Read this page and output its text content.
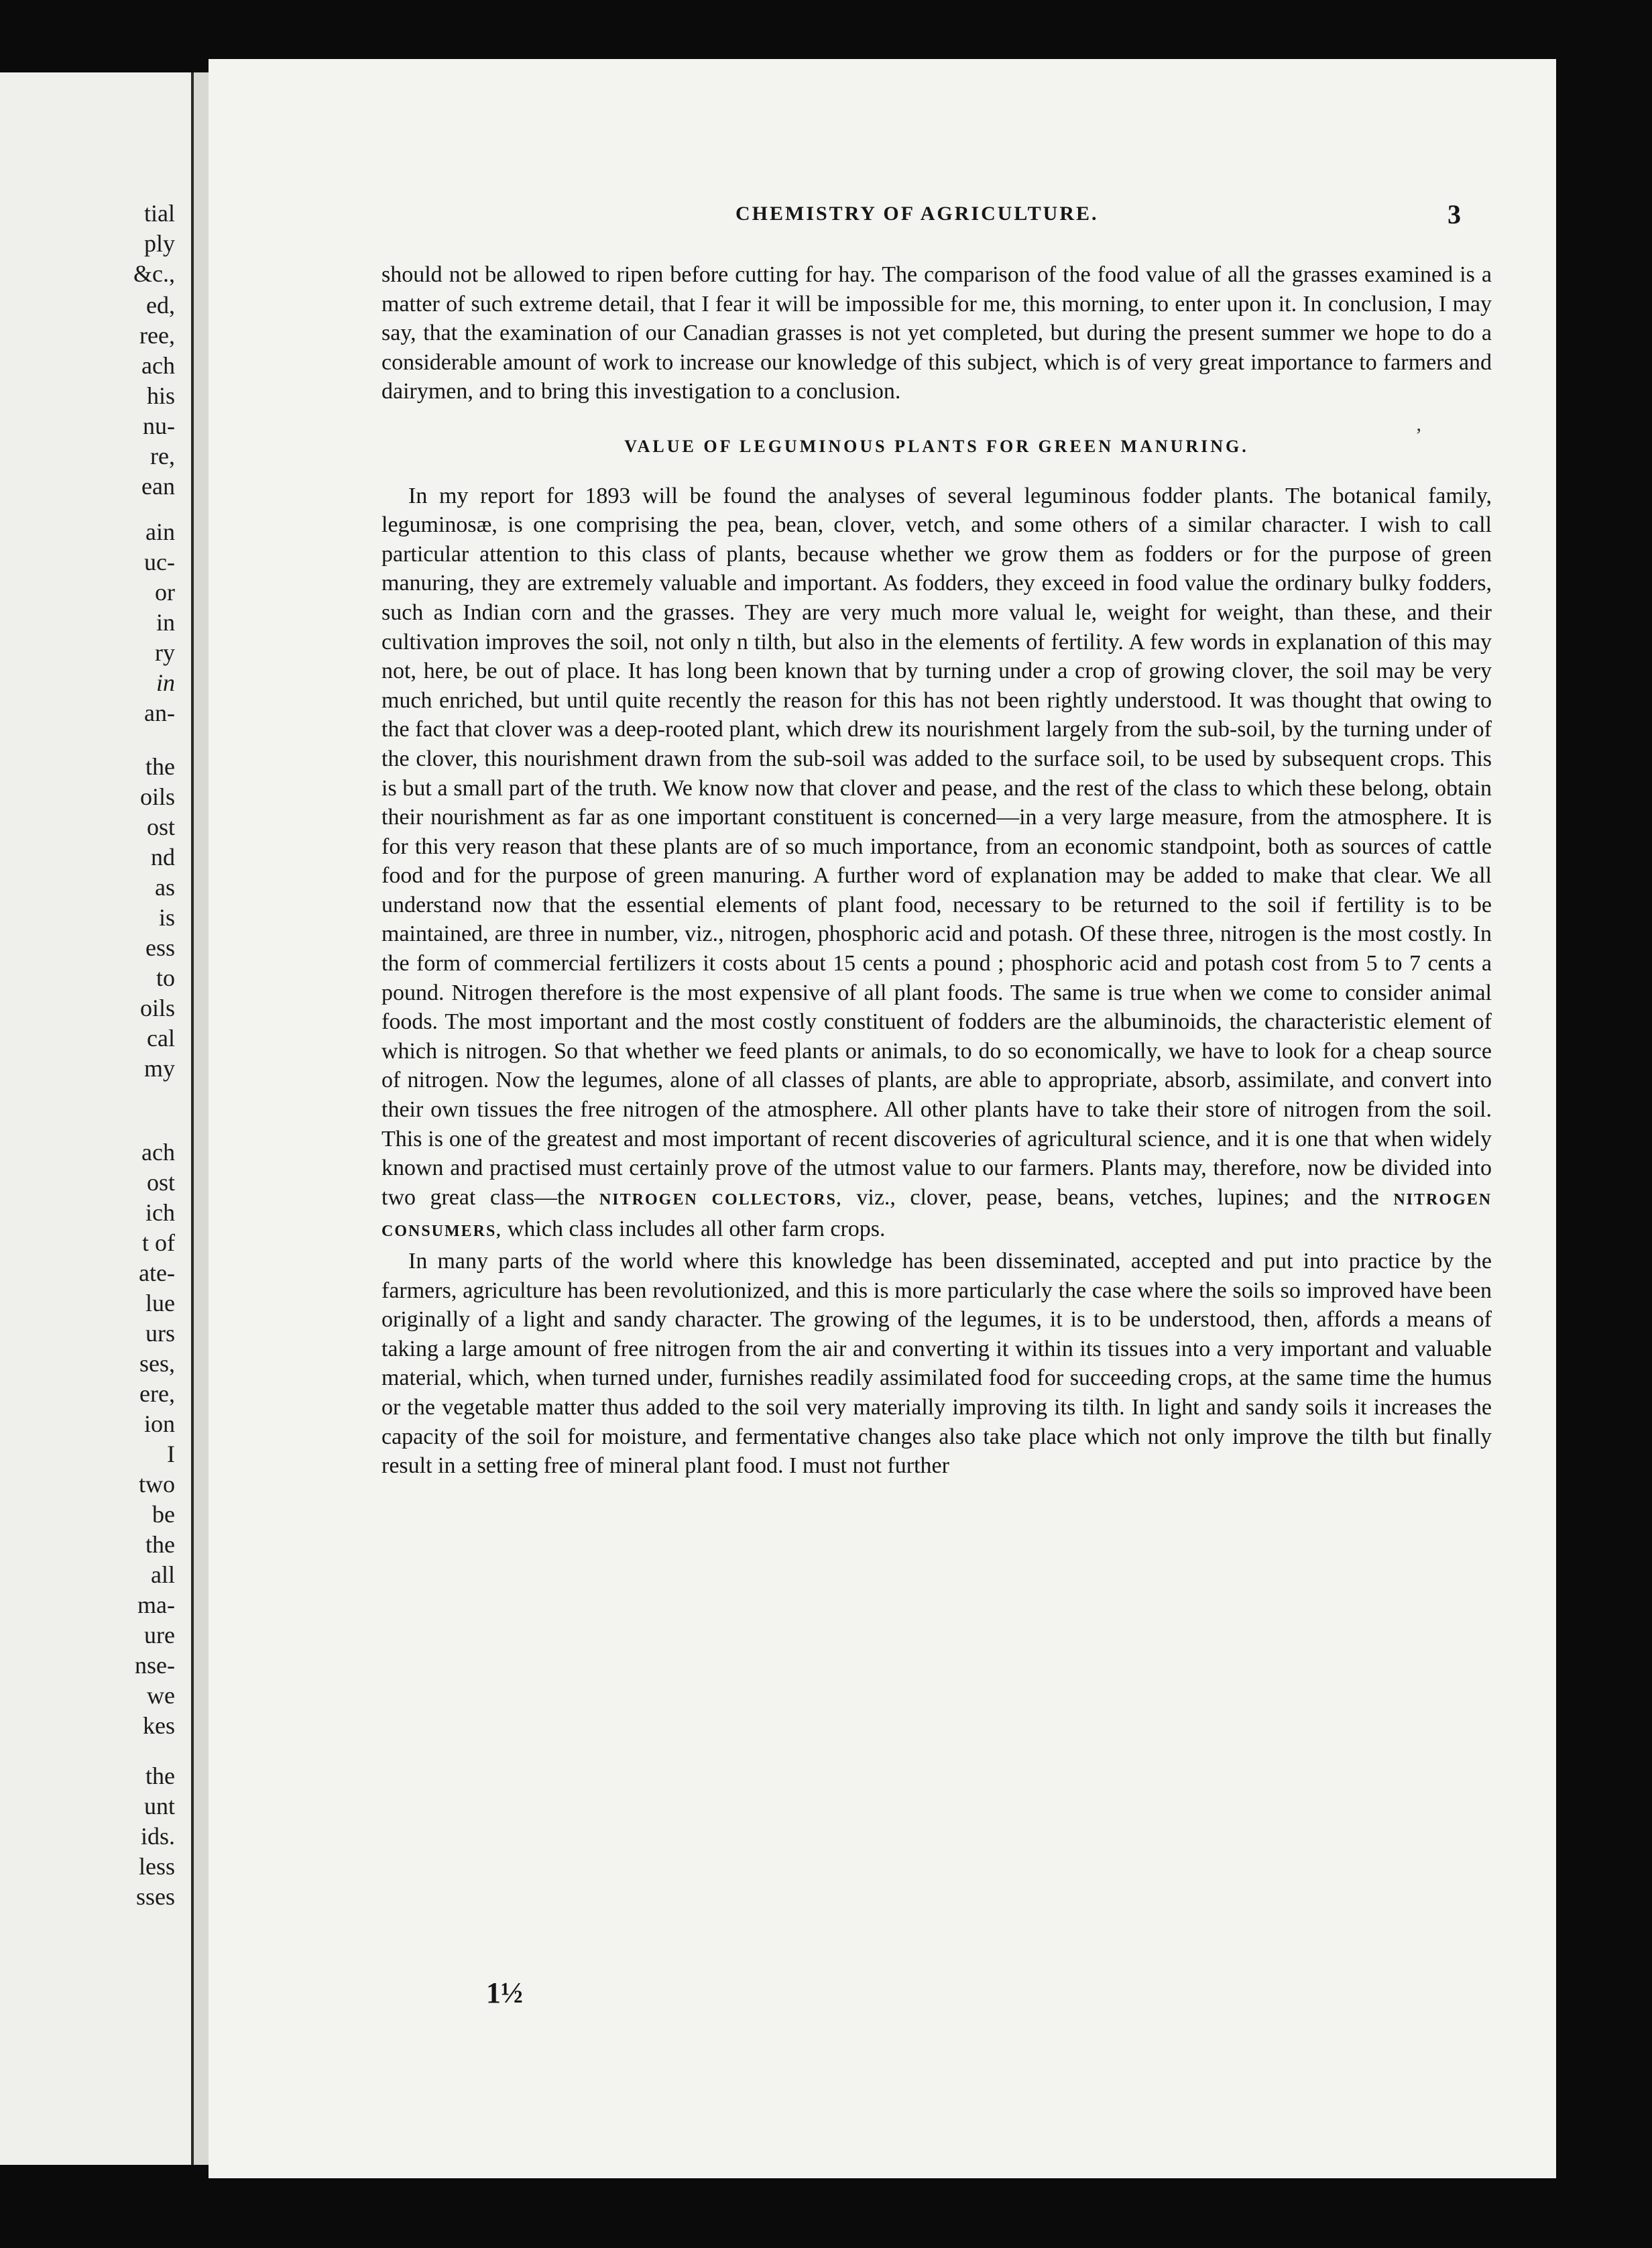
tial
ply
&c.,
ed,
ree,
ach
his
nu-
re,
ean
ain
uc-
or
in
ry
in
an-
the
oils
ost
nd
as
is
ess
to
oils
cal
my
ach
ost
ich
t of
ate-
lue
urs
ses,
ere,
ion
I
two
be
the
all
ma-
ure
nse-
we
kes
the
unt
ids.
less
sses
CHEMISTRY OF AGRICULTURE.	3
ʼ

should not be allowed to ripen before cutting for hay. The comparison of the food value of all the grasses examined is a matter of such extreme detail, that I fear it will be impossible for me, this morning, to enter upon it. In conclusion, I may say, that the examination of our Canadian grasses is not yet completed, but during the present summer we hope to do a considerable amount of work to increase our knowledge of this subject, which is of very great importance to farmers and dairymen, and to bring this investigation to a conclusion.

VALUE OF LEGUMINOUS PLANTS FOR GREEN MANURING.

In my report for 1893 will be found the analyses of several leguminous fodder plants. The botanical family, leguminosæ, is one comprising the pea, bean, clover, vetch, and some others of a similar character. I wish to call particular attention to this class of plants, because whether we grow them as fodders or for the purpose of green manuring, they are extremely valuable and important. As fodders, they exceed in food value the ordinary bulky fodders, such as Indian corn and the grasses. They are very much more valual le, weight for weight, than these, and their cultivation improves the soil, not only n tilth, but also in the elements of fertility. A few words in explanation of this may not, here, be out of place. It has long been known that by turning under a crop of growing clover, the soil may be very much enriched, but until quite recently the reason for this has not been rightly understood. It was thought that owing to the fact that clover was a deep-rooted plant, which drew its nourishment largely from the sub-soil, by the turning under of the clover, this nourishment drawn from the sub-soil was added to the surface soil, to be used by subsequent crops. This is but a small part of the truth. We know now that clover and pease, and the rest of the class to which these belong, obtain their nourishment as far as one important constituent is concerned—in a very large measure, from the atmosphere. It is for this very reason that these plants are of so much importance, from an economic standpoint, both as sources of cattle food and for the purpose of green manuring. A further word of explanation may be added to make that clear. We all understand now that the essential elements of plant food, necessary to be returned to the soil if fertility is to be maintained, are three in number, viz., nitrogen, phosphoric acid and potash. Of these three, nitrogen is the most costly. In the form of commercial fertilizers it costs about 15 cents a pound ; phosphoric acid and potash cost from 5 to 7 cents a pound. Nitrogen therefore is the most expensive of all plant foods. The same is true when we come to consider animal foods. The most important and the most costly constituent of fodders are the albuminoids, the characteristic element of which is nitrogen. So that whether we feed plants or animals, to do so economically, we have to look for a cheap source of nitrogen. Now the legumes, alone of all classes of plants, are able to appropriate, absorb, assimilate, and convert into their own tissues the free nitrogen of the atmosphere. All other plants have to take their store of nitrogen from the soil. This is one of the greatest and most important of recent discoveries of agricultural science, and it is one that when widely known and practised must certainly prove of the utmost value to our farmers. Plants may, therefore, now be divided into two great class—the NITROGEN COLLECTORS, viz., clover, pease, beans, vetches, lupines; and the NITROGEN CONSUMERS, which class includes all other farm crops.

In many parts of the world where this knowledge has been disseminated, accepted and put into practice by the farmers, agriculture has been revolutionized, and this is more particularly the case where the soils so improved have been originally of a light and sandy character. The growing of the legumes, it is to be understood, then, affords a means of taking a large amount of free nitrogen from the air and converting it within its tissues into a very important and valuable material, which, when turned under, furnishes readily assimilated food for succeeding crops, at the same time the humus or the vegetable matter thus added to the soil very materially improving its tilth. In light and sandy soils it increases the capacity of the soil for moisture, and fermentative changes also take place which not only improve the tilth but finally result in a setting free of mineral plant food. I must not further

1½
